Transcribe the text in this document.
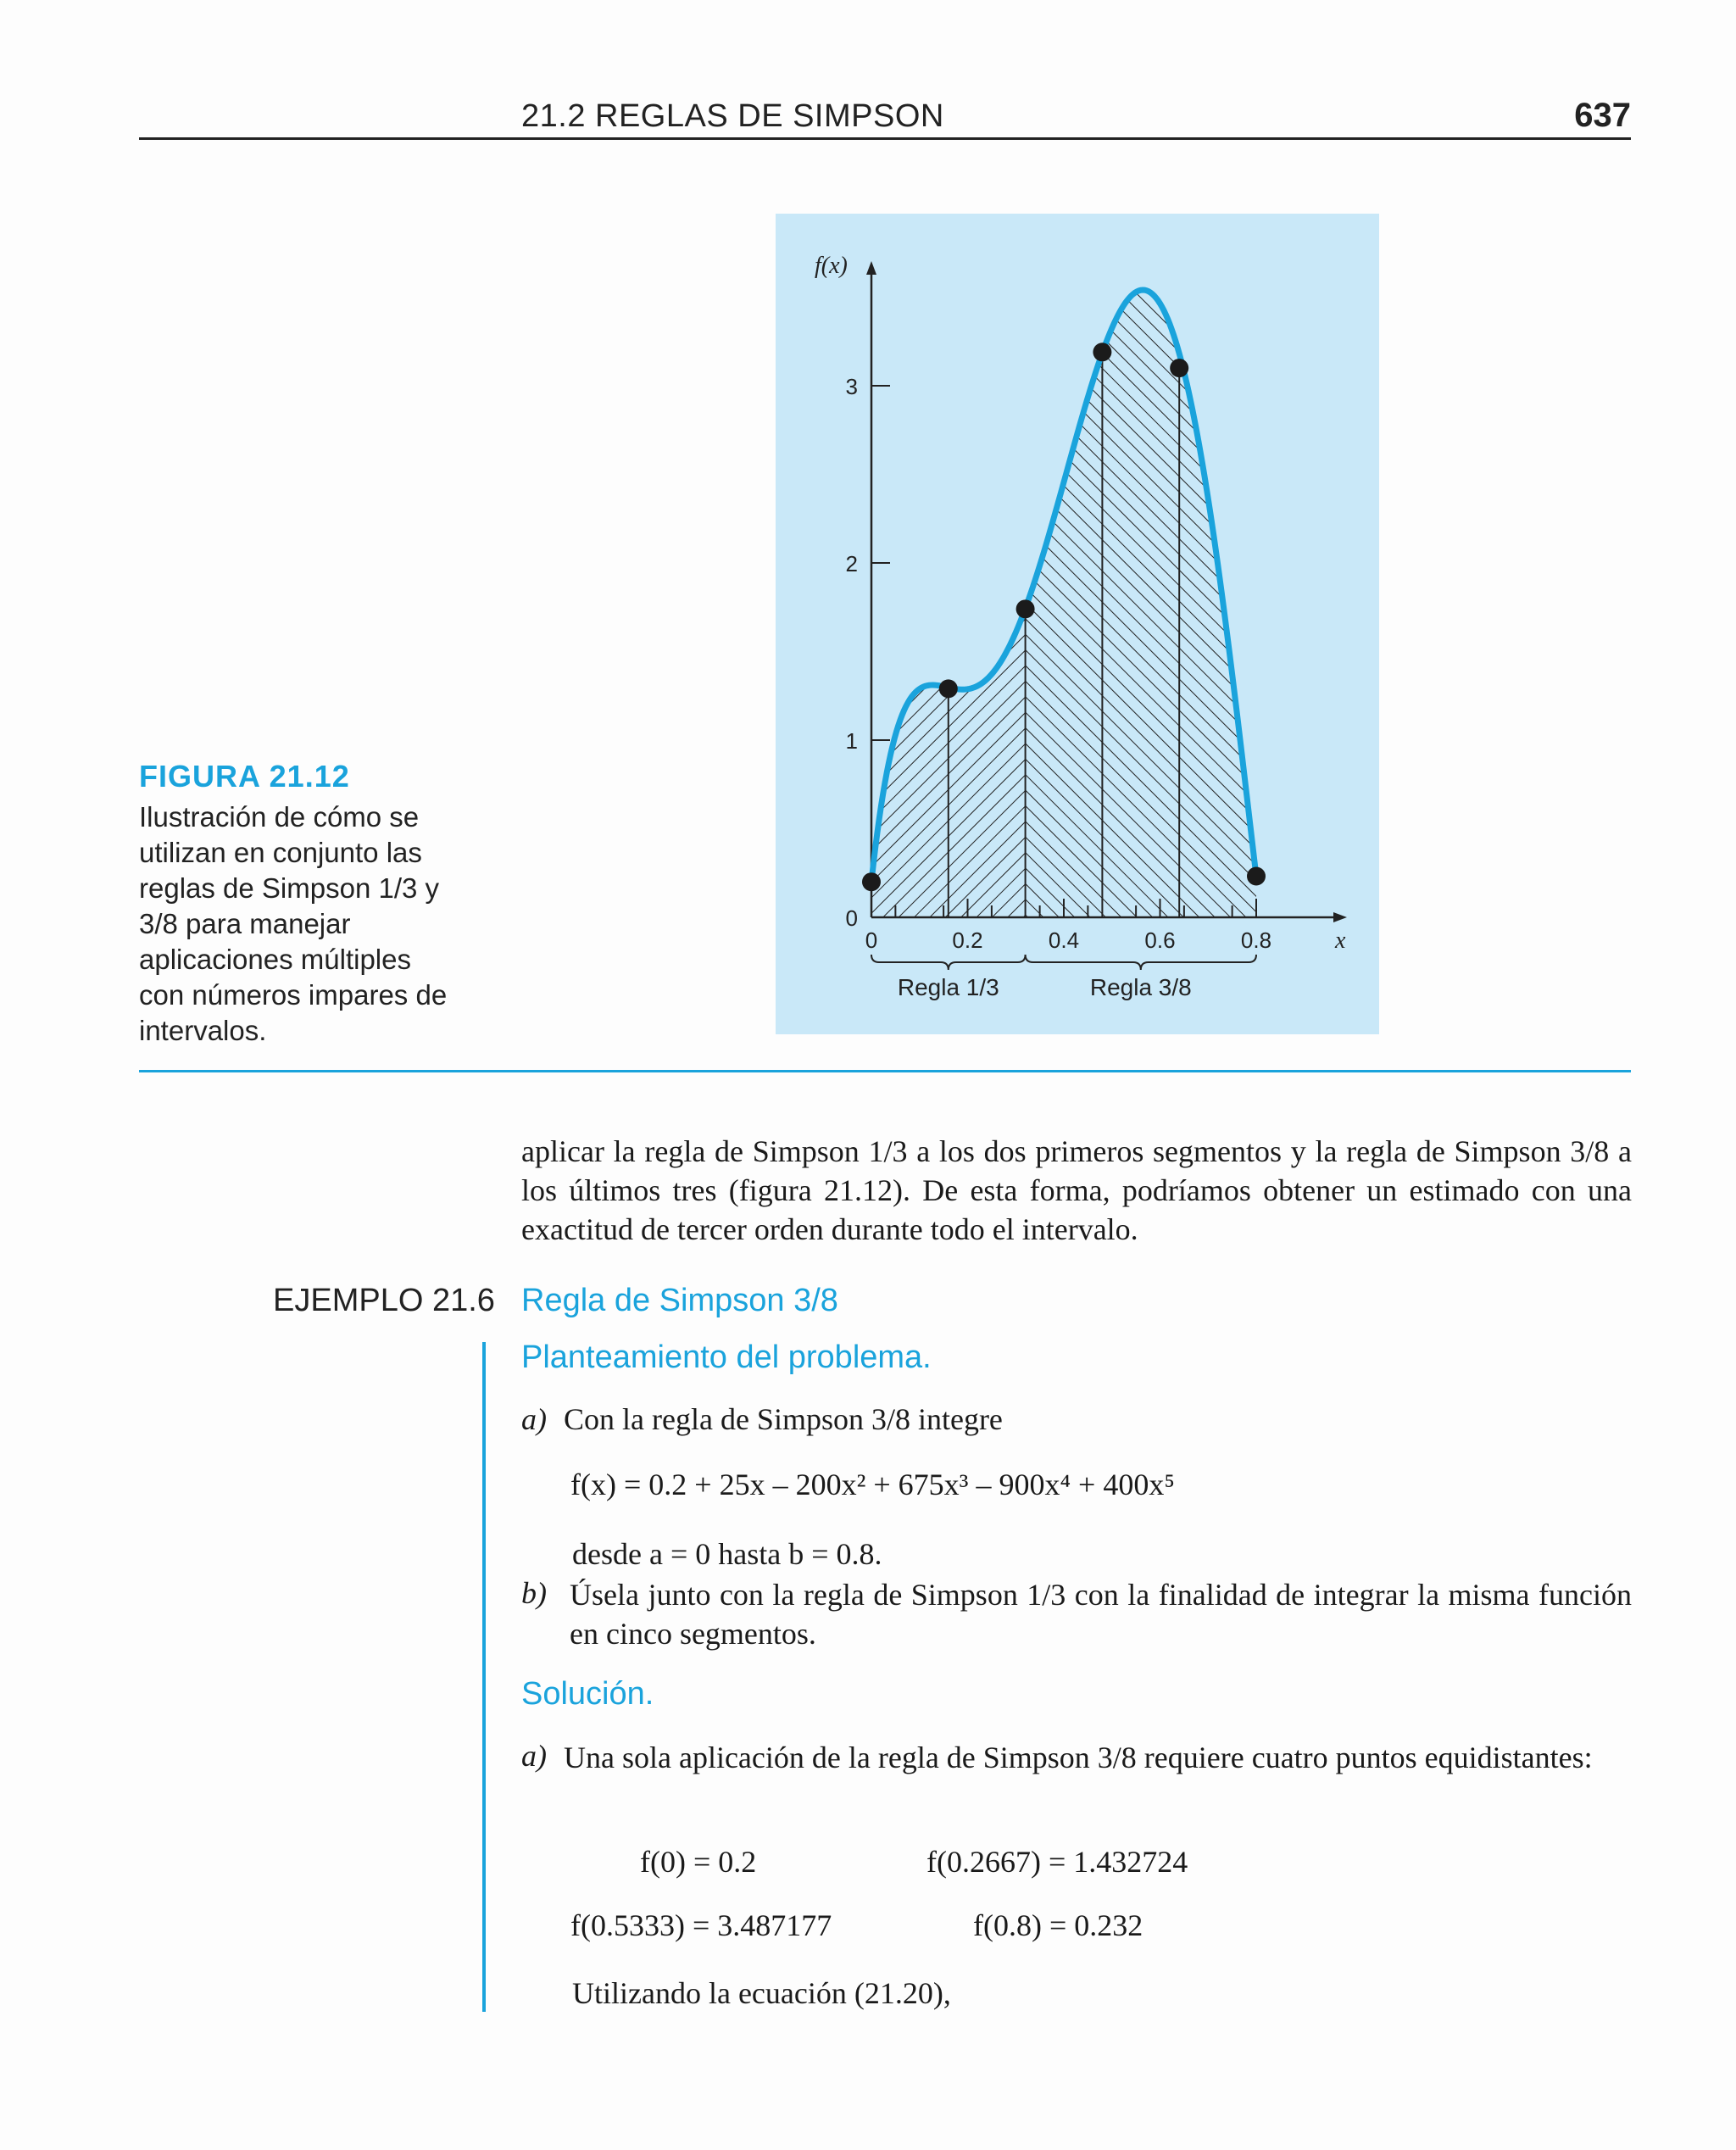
21.2 REGLAS DE SIMPSON	637
0
1
2
3
0	0.2	0.4	0.6	0.8
f(x)
x
Regla 1/3	Regla 3/8
FIGURA 21.12
Ilustración de cómo se utilizan en conjunto las reglas de Simpson 1/3 y 3/8 para manejar aplicaciones múltiples con números impares de intervalos.
aplicar la regla de Simpson 1/3 a los dos primeros segmentos y la regla de Simpson 3/8 a los últimos tres (figura 21.12). De esta forma, podríamos obtener un estimado con una exactitud de tercer orden durante todo el intervalo.
EJEMPLO 21.6 Regla de Simpson 3/8
Planteamiento del problema.
a) Con la regla de Simpson 3/8 integre
f(x) = 0.2 + 25x – 200x² + 675x³ – 900x⁴ + 400x⁵
desde a = 0 hasta b = 0.8.
b) Úsela junto con la regla de Simpson 1/3 con la finalidad de integrar la misma función en cinco segmentos.
Solución.
a) Una sola aplicación de la regla de Simpson 3/8 requiere cuatro puntos equidistantes:
f(0) = 0.2	f(0.2667) = 1.432724
f(0.5333) = 3.487177	f(0.8) = 0.232
Utilizando la ecuación (21.20),
